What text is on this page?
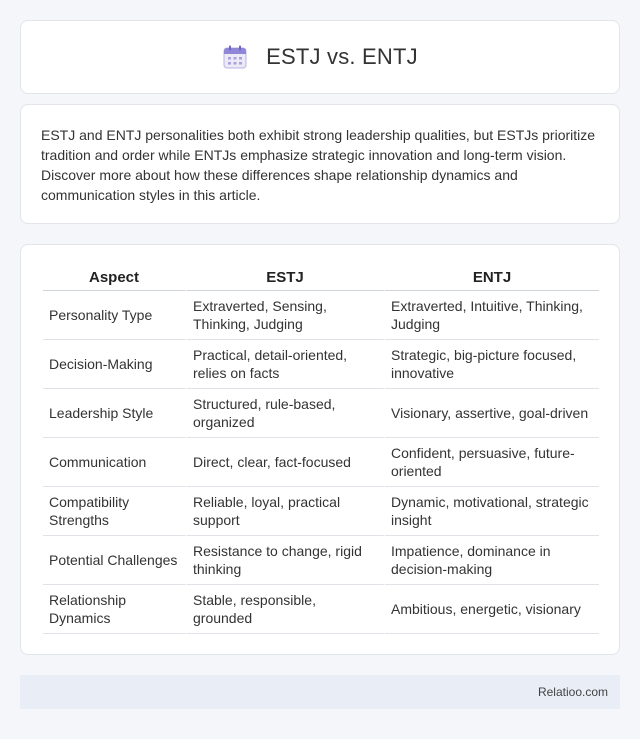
ESTJ vs. ENTJ

ESTJ and ENTJ personalities both exhibit strong leadership qualities, but ESTJs prioritize tradition and order while ENTJs emphasize strategic innovation and long-term vision. Discover more about how these differences shape relationship dynamics and communication styles in this article.

Aspect	ESTJ	ENTJ
Personality Type	Extraverted, Sensing, Thinking, Judging	Extraverted, Intuitive, Thinking, Judging
Decision-Making	Practical, detail-oriented, relies on facts	Strategic, big-picture focused, innovative
Leadership Style	Structured, rule-based, organized	Visionary, assertive, goal-driven
Communication	Direct, clear, fact-focused	Confident, persuasive, future-oriented
Compatibility Strengths	Reliable, loyal, practical support	Dynamic, motivational, strategic insight
Potential Challenges	Resistance to change, rigid thinking	Impatience, dominance in decision-making
Relationship Dynamics	Stable, responsible, grounded	Ambitious, energetic, visionary
Relatioo.com
